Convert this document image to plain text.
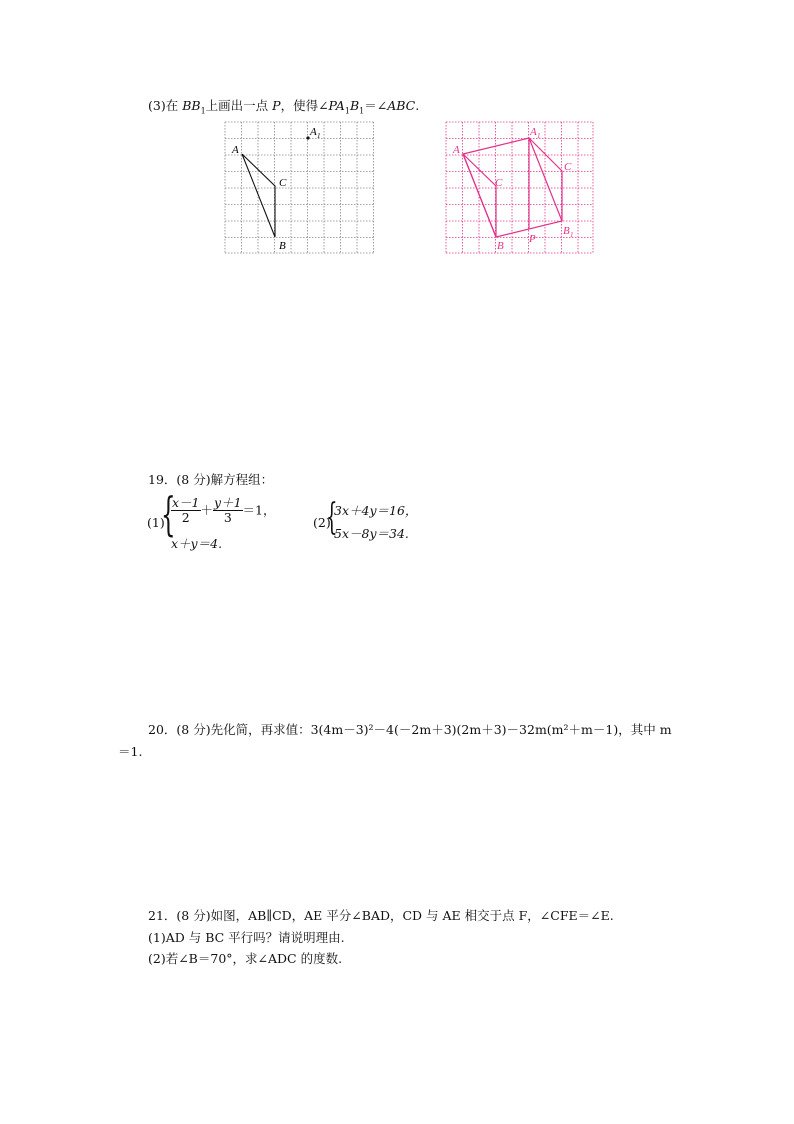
(3)在 $BB_1$上画出一点 P，使得$\angle PA_1B_1=\angle ABC$.
A
A 1
C
B
A
A 1
C
C
B
P
B 1
19．(8 分)解方程组：
(1)
{
$\frac{x-1}{2} + \frac{y+1}{3} =1$，
x＋y＝4.
(2)
{
3x＋4y＝16，
5x－8y＝34.
20．(8 分)先化简，再求值：3(4m－3)²－4(－2m＋3)(2m＋3)－32m(m²＋m－1)，其中 m
＝1.
21．(8 分)如图，AB∥CD，AE 平分∠BAD，CD 与 AE 相交于点 F，∠CFE＝∠E.
(1)AD 与 BC 平行吗？请说明理由.
(2)若∠B＝70°，求∠ADC 的度数.
